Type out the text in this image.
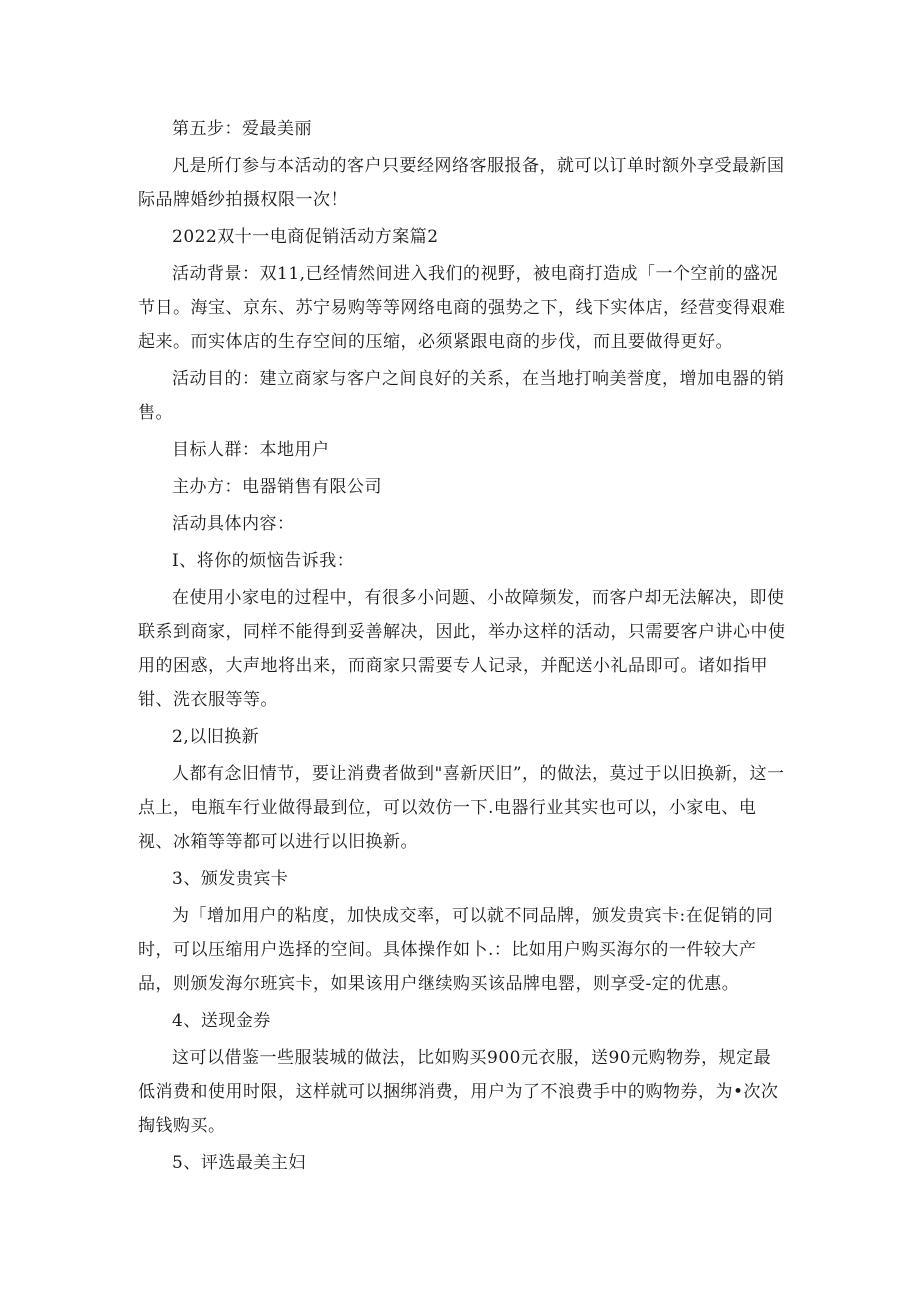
第五步：爱最美丽

凡是所仃参与本活动的客户只要经网络客服报备，就可以订单时额外享受最新国际品牌婚纱拍摄权限一次！

2022双十一电商促销活动方案篇2

活动背景：双11,已经情然间进入我们的视野，被电商打造成「一个空前的盛况节日。海宝、京东、苏宁易购等等网络电商的强势之下，线下实体店，经营变得艰难起来。而实体店的生存空间的压缩，必须紧跟电商的步伐，而且要做得更好。

活动目的：建立商家与客户之间良好的关系，在当地打响美誉度，增加电器的销售。

目标人群：本地用户

主办方：电器销售有限公司

活动具体内容：

I、将你的烦恼告诉我：

在使用小家电的过程中，有很多小问题、小故障频发，而客户却无法解决，即使联系到商家，同样不能得到妥善解决，因此，举办这样的活动，只需要客户讲心中使用的困惑，大声地将出来，而商家只需要专人记录，并配送小礼品即可。诸如指甲钳、洗衣服等等。

2,以旧换新

人都有念旧情节，要让消费者做到"喜新厌旧”，的做法，莫过于以旧换新，这一点上，电瓶车行业做得最到位，可以效仿一下.电器行业其实也可以，小家电、电视、冰箱等等都可以进行以旧换新。

3、颁发贵宾卡

为「增加用户的粘度，加快成交率，可以就不同品牌，颁发贵宾卡:在促销的同时，可以压缩用户选择的空间。具体操作如卜.：比如用户购买海尔的一件较大产品，则颁发海尔班宾卡，如果该用户继续购买该品牌电罂，则享受-定的优惠。

4、送现金券

这可以借鉴一些服装城的做法，比如购买900元衣服，送90元购物券，规定最低消费和使用时限，这样就可以捆绑消费，用户为了不浪费手中的购物券，为•次次掏钱购买。

5、评选最美主妇
